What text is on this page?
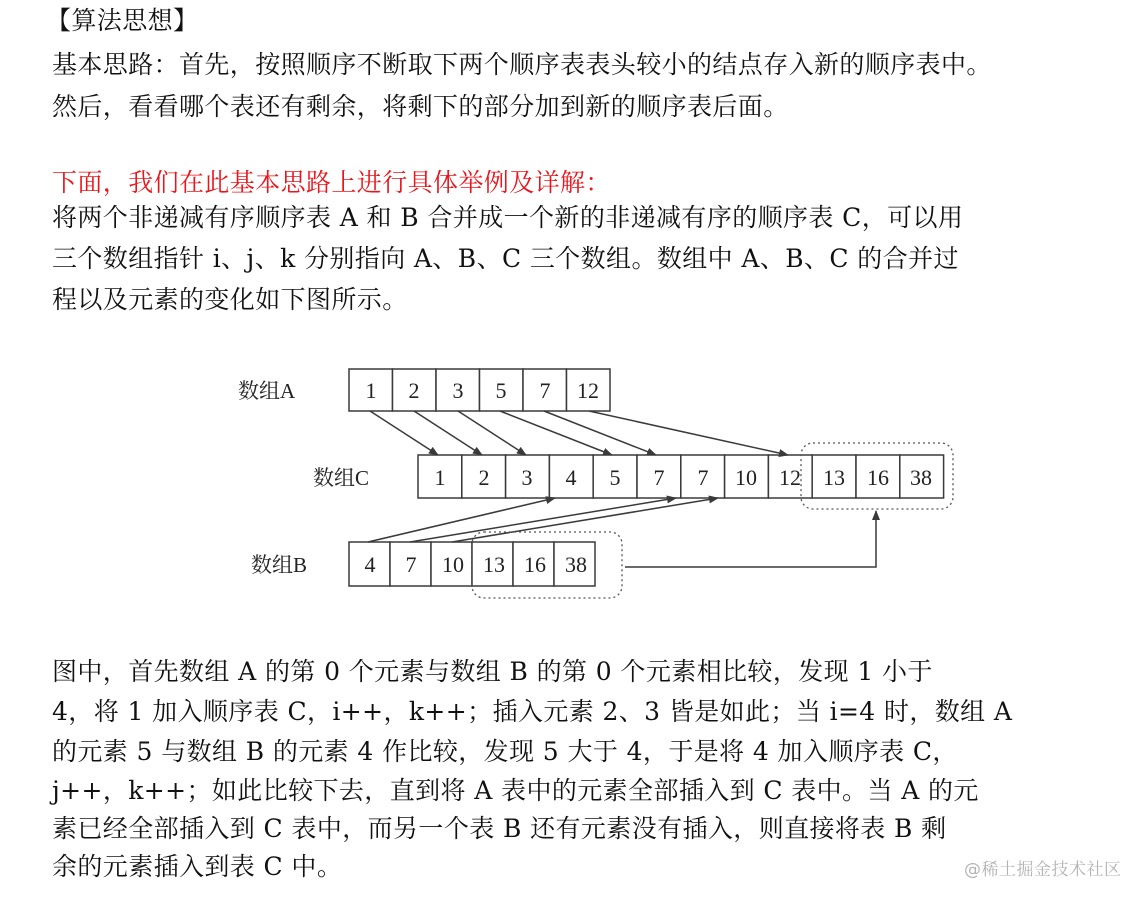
【算法思想】
基本思路：首先，按照顺序不断取下两个顺序表表头较小的结点存入新的顺序表中。
然后，看看哪个表还有剩余，将剩下的部分加到新的顺序表后面。
下面，我们在此基本思路上进行具体举例及详解：
将两个非递减有序顺序表 A 和 B 合并成一个新的非递减有序的顺序表 C，可以用
三个数组指针 i、j、k 分别指向 A、B、C 三个数组。数组中 A、B、C 的合并过
程以及元素的变化如下图所示。
数组A
数组C
数组B
1 2 3 5 7 12
1 2 3 4 5 7 7 10 12 13 16 38
4 7 10 13 16 38
图中，首先数组 A 的第 0 个元素与数组 B 的第 0 个元素相比较，发现 1 小于
4，将 1 加入顺序表 C，i++，k++；插入元素 2、3 皆是如此；当 i=4 时，数组 A
的元素 5 与数组 B 的元素 4 作比较，发现 5 大于 4，于是将 4 加入顺序表 C，
j++，k++；如此比较下去，直到将 A 表中的元素全部插入到 C 表中。当 A 的元
素已经全部插入到 C 表中，而另一个表 B 还有元素没有插入，则直接将表 B 剩
余的元素插入到表 C 中。	@稀土掘金技术社区
